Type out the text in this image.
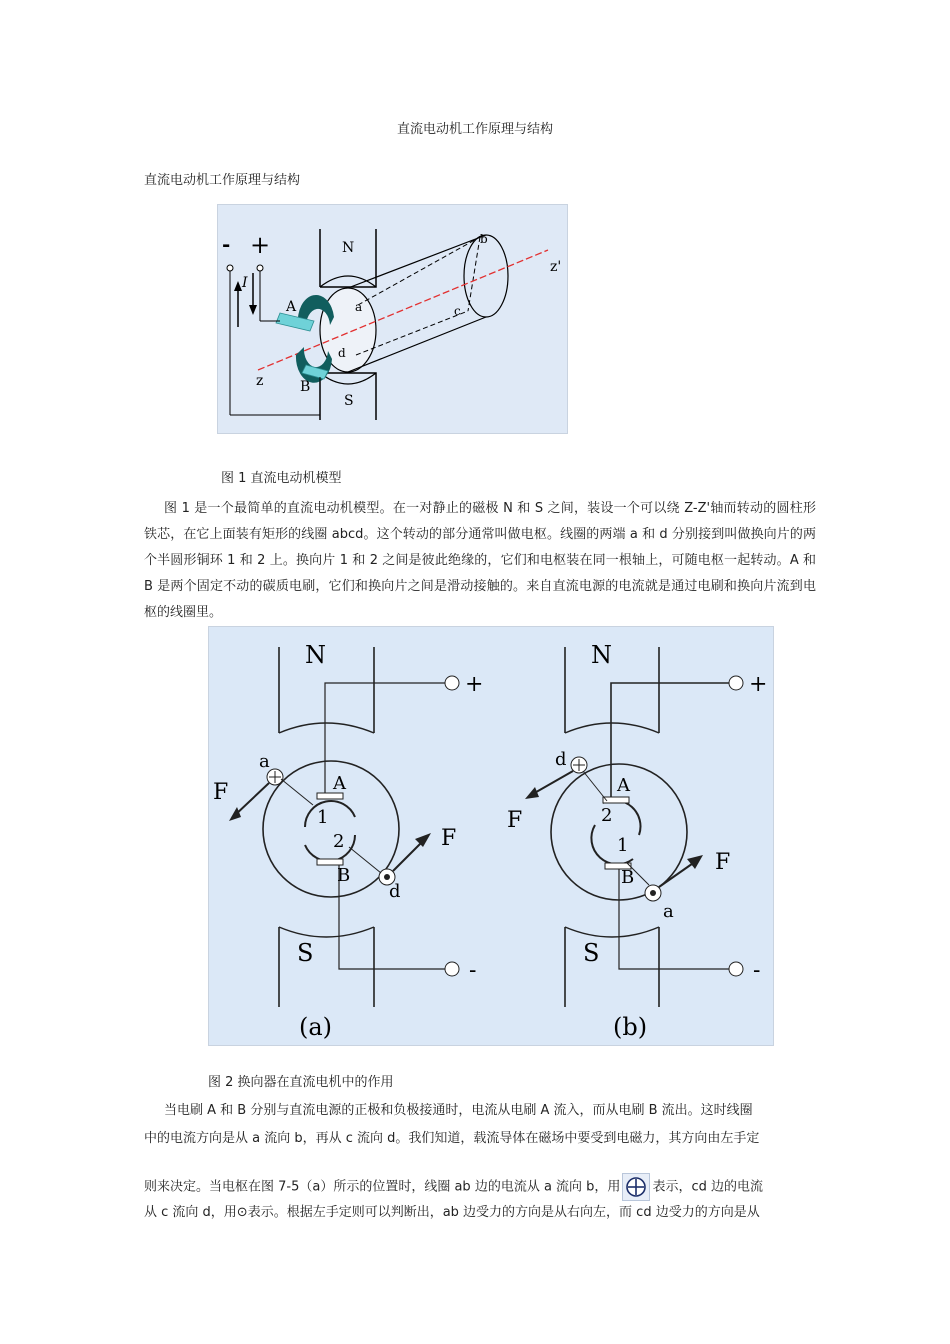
直流电动机工作原理与结构
直流电动机工作原理与结构
- +	N
S
A
B
I
z
z'
a
b
c
d
图 1 直流电动机模型
图 1 是一个最简单的直流电动机模型。在一对静止的磁极 N 和 S 之间，装设一个可以绕 Z-Z'轴而转动的圆柱形铁芯，在它上面装有矩形的线圈 abcd。这个转动的部分通常叫做电枢。线圈的两端 a 和 d 分别接到叫做换向片的两个半圆形铜环 1 和 2 上。换向片 1 和 2 之间是彼此绝缘的，它们和电枢装在同一根轴上，可随电枢一起转动。A 和 B 是两个固定不动的碳质电刷，它们和换向片之间是滑动接触的。来自直流电源的电流就是通过电刷和换向片流到电枢的线圈里。
N
S
+
-
F
F
A
B
1
2
a
d
(a)
N
S
+
-
F
F
A
B
1
2
d
a
(b)
图 2 换向器在直流电机中的作用
当电刷 A 和 B 分别与直流电源的正极和负极接通时，电流从电刷 A 流入，而从电刷 B 流出。这时线圈
中的电流方向是从 a 流向 b，再从 c 流向 d。我们知道，载流导体在磁场中要受到电磁力，其方向由左手定
则来决定。当电枢在图 7-5（a）所示的位置时，线圈 ab 边的电流从 a 流向 b，用 表示，cd 边的电流
从 c 流向 d，用⊙表示。根据左手定则可以判断出，ab 边受力的方向是从右向左，而 cd 边受力的方向是从
